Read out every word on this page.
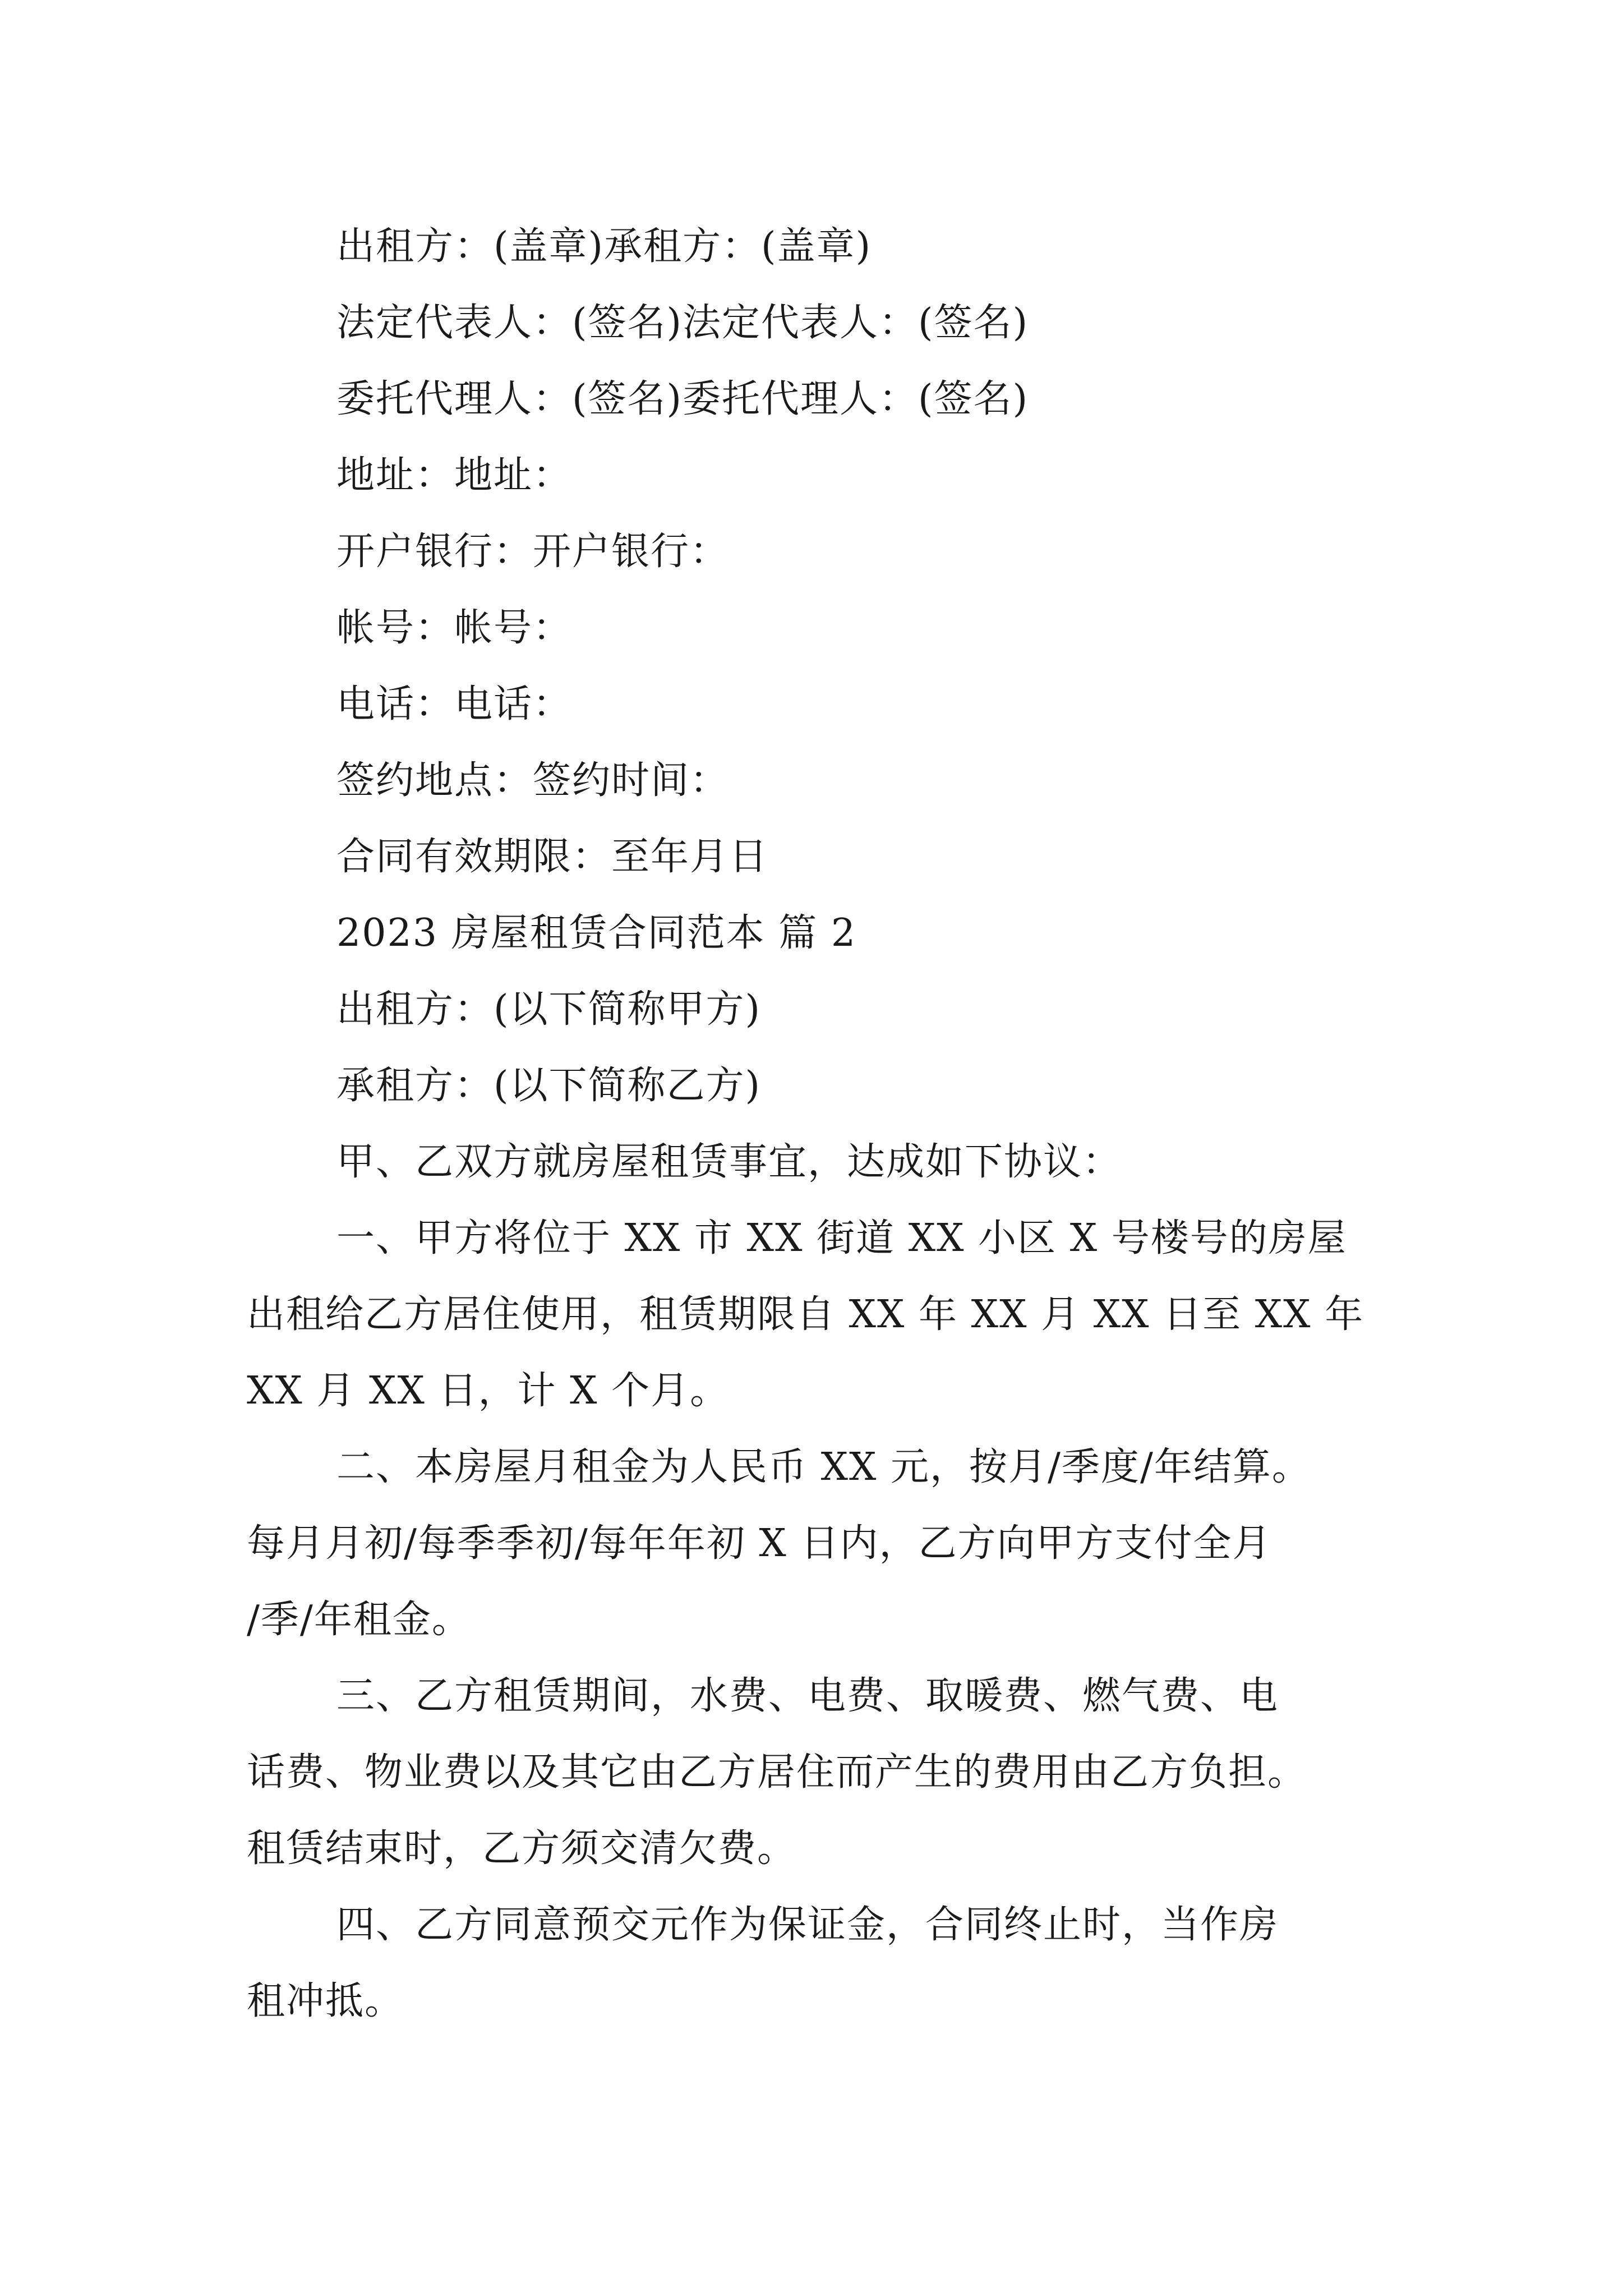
出租方：(盖章)承租方：(盖章)
法定代表人：(签名)法定代表人：(签名)
委托代理人：(签名)委托代理人：(签名)
地址：地址：
开户银行：开户银行：
帐号：帐号：
电话：电话：
签约地点：签约时间：
合同有效期限：至年月日
2023 房屋租赁合同范本 篇 2
出租方：(以下简称甲方)
承租方：(以下简称乙方)
甲、乙双方就房屋租赁事宜，达成如下协议：
一、甲方将位于 XX 市 XX 街道 XX 小区 X 号楼号的房屋
出租给乙方居住使用，租赁期限自 XX 年 XX 月 XX 日至 XX 年
XX 月 XX 日，计 X 个月。
二、本房屋月租金为人民币 XX 元，按月/季度/年结算。
每月月初/每季季初/每年年初 X 日内，乙方向甲方支付全月
/季/年租金。
三、乙方租赁期间，水费、电费、取暖费、燃气费、电
话费、物业费以及其它由乙方居住而产生的费用由乙方负担。
租赁结束时，乙方须交清欠费。
四、乙方同意预交元作为保证金，合同终止时，当作房
租冲抵。
